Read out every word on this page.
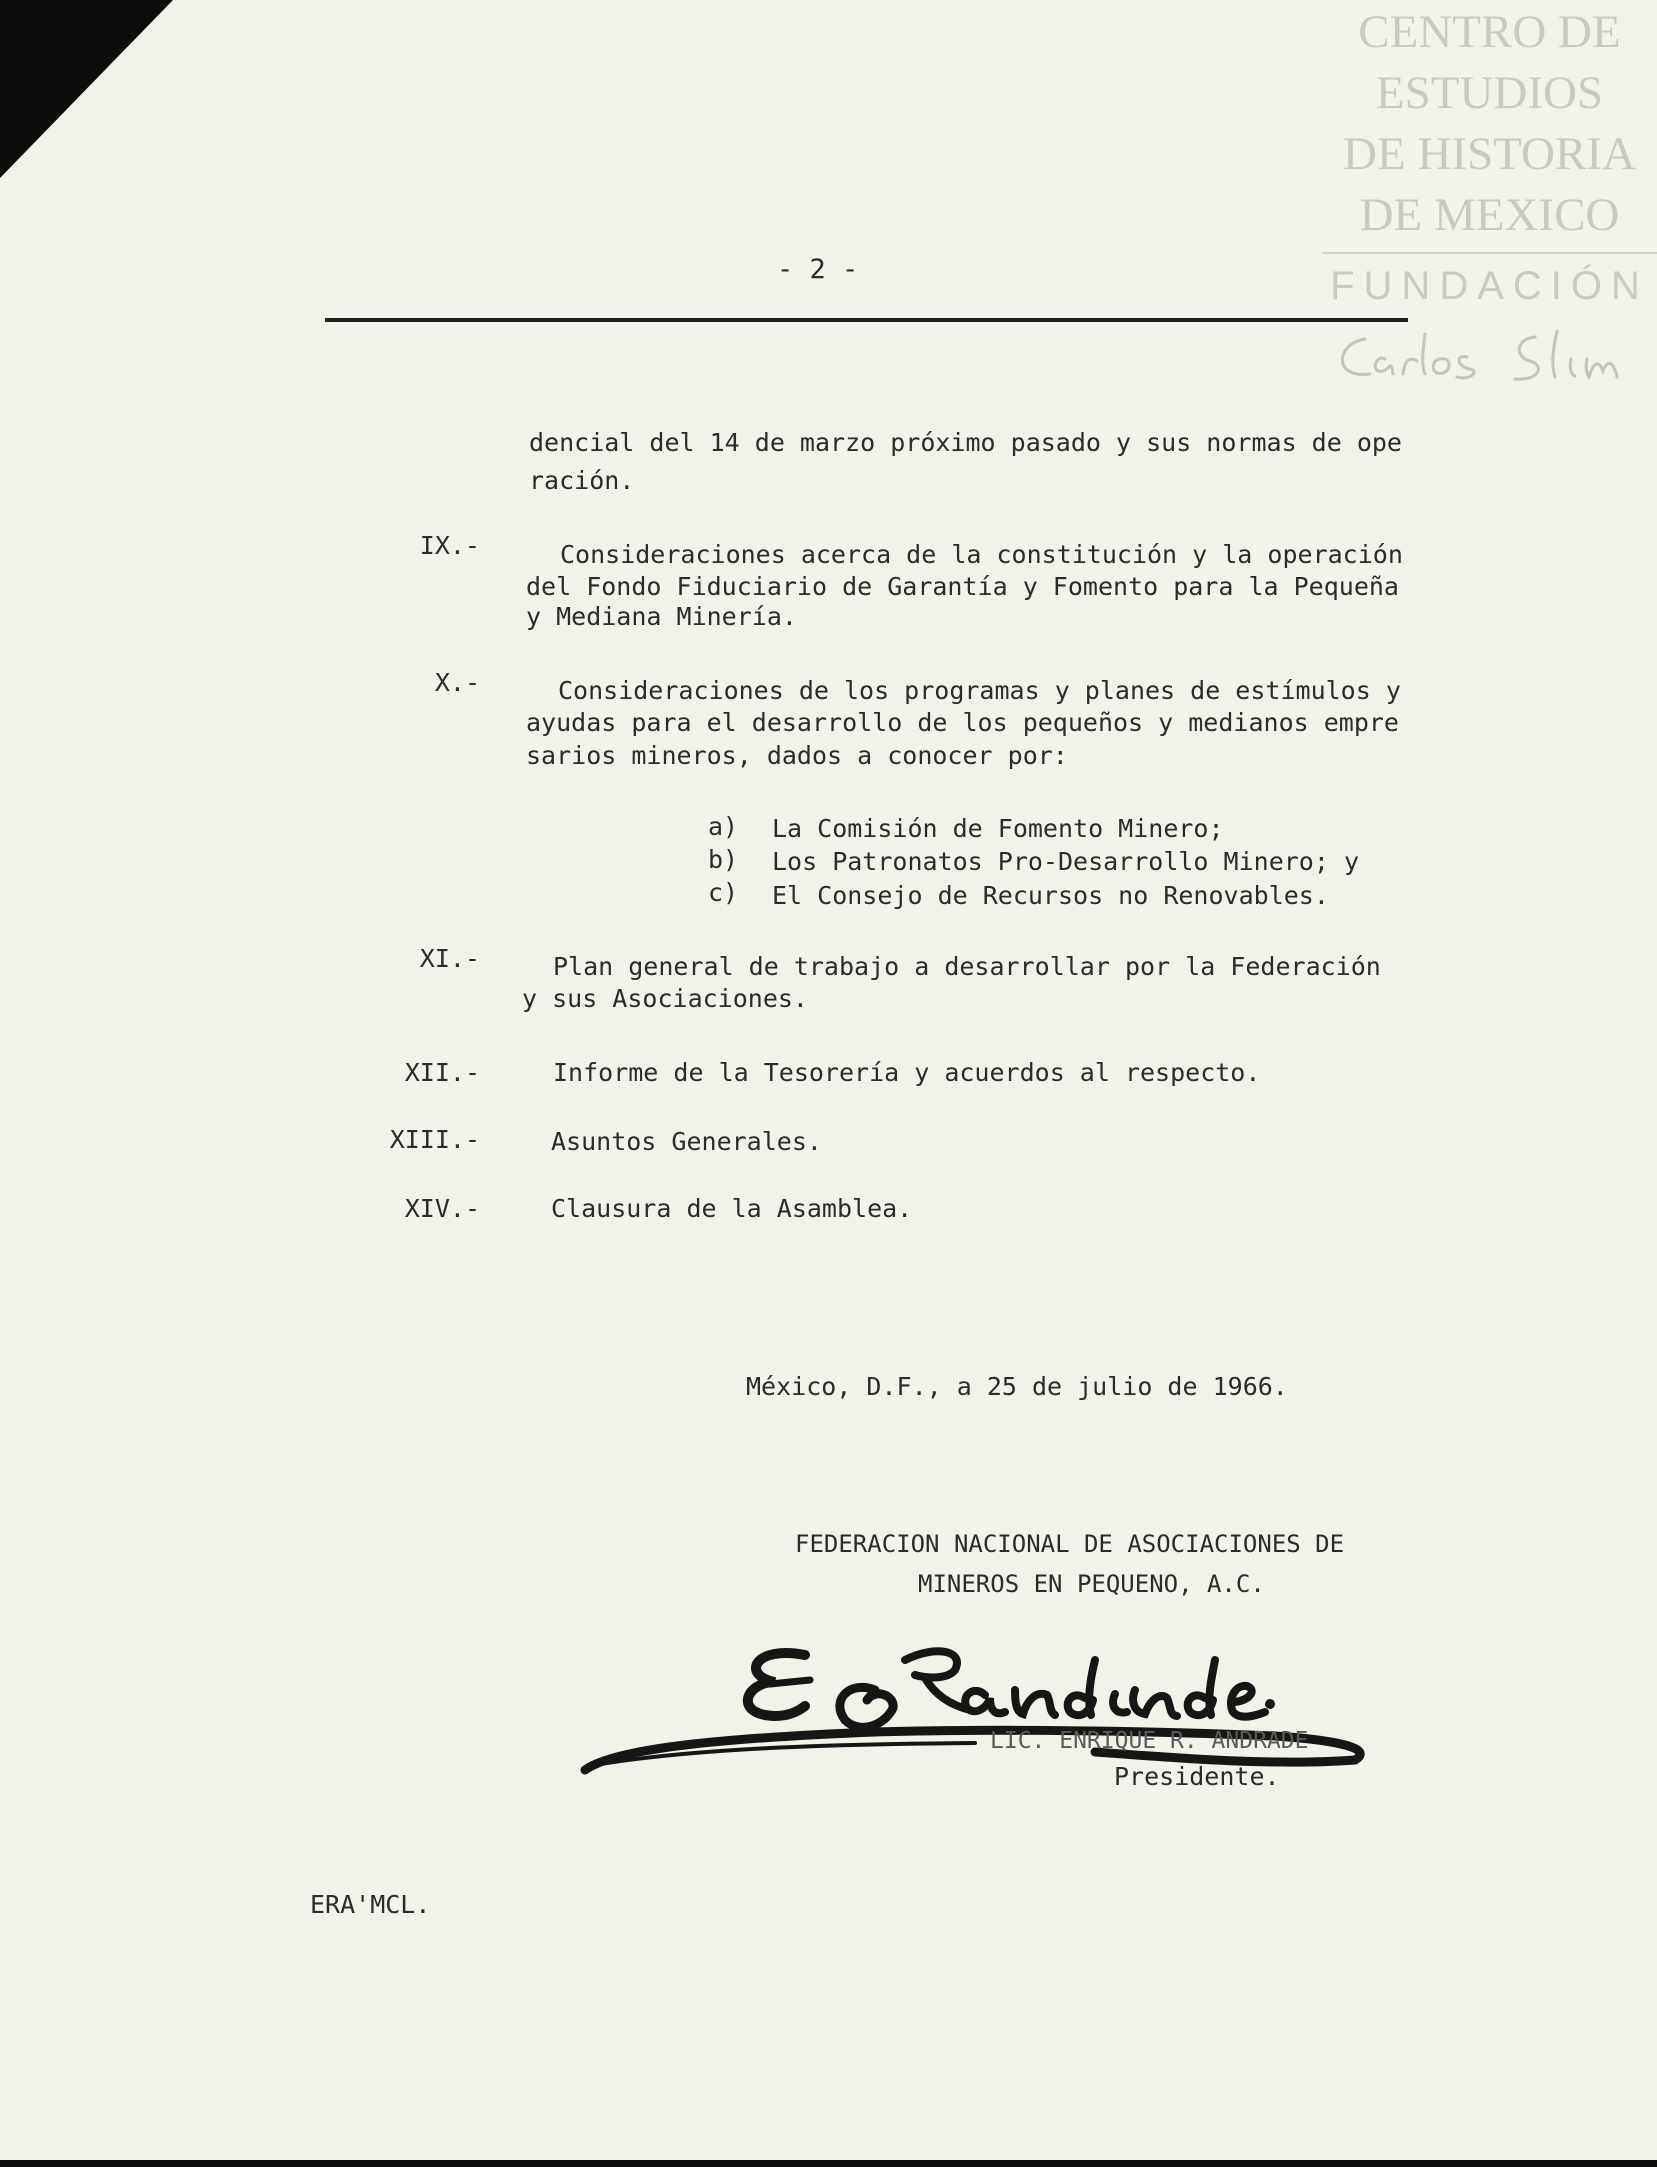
CENTRO DE
ESTUDIOS
DE HISTORIA
DE MEXICO
FUNDACIÓN
- 2 -
dencial del 14 de marzo próximo pasado y sus normas de ope
ración.
IX.-	Consideraciones acerca de la constitución y la operación
del Fondo Fiduciario de Garantía y Fomento para la Pequeña
y Mediana Minería.
X.-	Consideraciones de los programas y planes de estímulos y
ayudas para el desarrollo de los pequeños y medianos empre
sarios mineros, dados a conocer por:
a) La Comisión de Fomento Minero;
b) Los Patronatos Pro-Desarrollo Minero; y
c) El Consejo de Recursos no Renovables.
XI.-	Plan general de trabajo a desarrollar por la Federación
y sus Asociaciones.
XII.-	Informe de la Tesorería y acuerdos al respecto.
XIII.-	Asuntos Generales.
XIV.-	Clausura de la Asamblea.
México, D.F., a 25 de julio de 1966.
FEDERACION NACIONAL DE ASOCIACIONES DE
MINEROS EN PEQUENO, A.C.
LIC. ENRIQUE R. ANDRADE
Presidente.
ERA'MCL.
